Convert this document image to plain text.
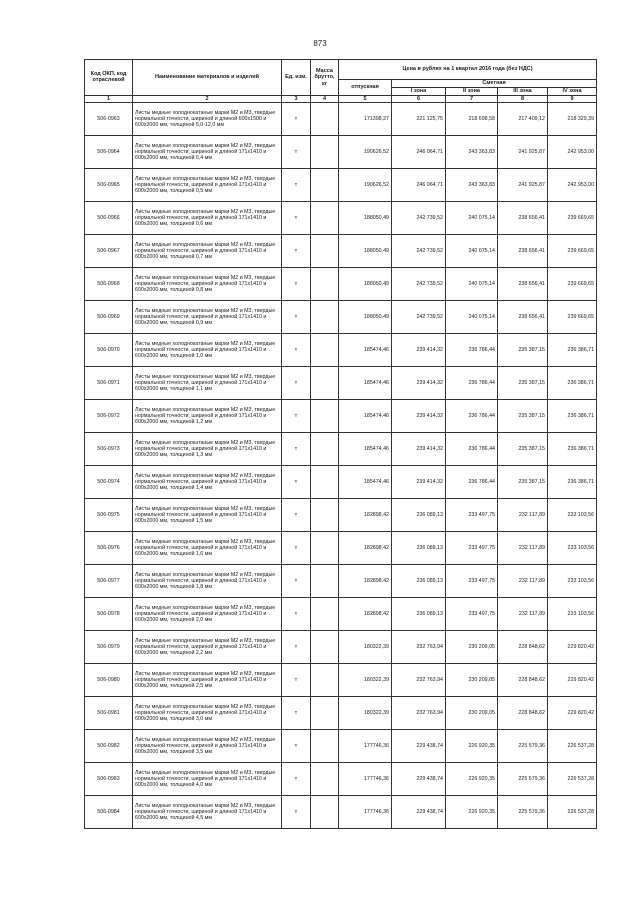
873
Код ОКП, код отраслевой	Наименование материалов и изделий	Ед. изм.	Масса брутто, кг	Цена в рублях на 1 квартал 2016 года (без НДС)				
				отпускная	Сметная			
					I зона	II зона	III зона	IV зона
1	2	3	4	5	6	7	8	9
506-0963	Листы медные холоднокатаные марки М2 и М3, твердые нормальной точности, шириной и длиной 600x1500 и 600x2000 мм, толщиной 5,0-12,0 мм	т		171398,27	221 125,75	218 698,58	217 409,12	218 329,39
506-0964	Листы медные холоднокатаные марки М2 и М3, твердые нормальной точности, шириной и длиной 171x1410 и 600x2000 мм, толщиной 0,4 мм	т		190626,52	246 064,71	243 363,83	241 925,87	242 953,00
506-0965	Листы медные холоднокатаные марки М2 и М3, твердые нормальной точности, шириной и длиной 171x1410 и 600x2000 мм, толщиной 0,5 мм	т		190626,52	246 064,71	243 363,83	241 925,87	242 953,00
506-0966	Листы медные холоднокатаные марки М2 и М3, твердые нормальной точности, шириной и длиной 171x1410 и 600x2000 мм, толщиной 0,6 мм	т		188050,49	242 739,52	240 075,14	238 656,41	239 669,65
506-0967	Листы медные холоднокатаные марки М2 и М3, твердые нормальной точности, шириной и длиной 171x1410 и 600x2000 мм, толщиной 0,7 мм	т		188050,49	242 739,52	240 075,14	238 656,41	239 669,65
506-0968	Листы медные холоднокатаные марки М2 и М3, твердые нормальной точности, шириной и длиной 171x1410 и 600x2000 мм, толщиной 0,8 мм	т		188050,49	242 739,52	240 075,14	238 656,41	239 669,65
506-0969	Листы медные холоднокатаные марки М2 и М3, твердые нормальной точности, шириной и длиной 171x1410 и 600x2000 мм, толщиной 0,9 мм	т		188050,49	242 739,52	240 075,14	238 656,41	239 669,65
506-0970	Листы медные холоднокатаные марки М2 и М3, твердые нормальной точности, шириной и длиной 171x1410 и 600x2000 мм, толщиной 1,0 мм	т		185474,46	239 414,32	236 786,44	235 387,15	236 386,71
506-0971	Листы медные холоднокатаные марки М2 и М3, твердые нормальной точности, шириной и длиной 171x1410 и 600x2000 мм, толщиной 1,1 мм	т		185474,46	239 414,32	236 786,44	235 387,15	236 386,71
506-0972	Листы медные холоднокатаные марки М2 и М3, твердые нормальной точности, шириной и длиной 171x1410 и 600x2000 мм, толщиной 1,2 мм	т		185474,46	239 414,32	236 786,44	235 387,15	236 386,71
506-0973	Листы медные холоднокатаные марки М2 и М3, твердые нормальной точности, шириной и длиной 171x1410 и 600x2000 мм, толщиной 1,3 мм	т		185474,46	239 414,32	236 786,44	235 387,15	236 386,71
506-0974	Листы медные холоднокатаные марки М2 и М3, твердые нормальной точности, шириной и длиной 171x1410 и 600x2000 мм, толщиной 1,4 мм	т		185474,46	239 414,32	236 786,44	235 387,15	236 386,71
506-0975	Листы медные холоднокатаные марки М2 и М3, твердые нормальной точности, шириной и длиной 171x1410 и 600x2000 мм, толщиной 1,5 мм	т		182898,42	236 089,13	233 497,75	232 117,89	233 103,56
506-0976	Листы медные холоднокатаные марки М2 и М3, твердые нормальной точности, шириной и длиной 171x1410 и 600x2000 мм, толщиной 1,6 мм	т		182898,42	236 089,13	233 497,75	232 117,89	233 103,56
506-0977	Листы медные холоднокатаные марки М2 и М3, твердые нормальной точности, шириной и длиной 171x1410 и 600x2000 мм, толщиной 1,8 мм	т		182898,42	236 089,13	233 497,75	232 117,89	233 103,56
506-0978	Листы медные холоднокатаные марки М2 и М3, твердые нормальной точности, шириной и длиной 171x1410 и 600x2000 мм, толщиной 2,0 мм	т		182898,42	236 089,13	233 497,75	232 117,89	233 103,56
506-0979	Листы медные холоднокатаные марки М2 и М3, твердые нормальной точности, шириной и длиной 171x1410 и 600x2000 мм, толщиной 2,2 мм	т		180322,39	232 763,94	230 209,05	228 848,62	229 820,42
506-0980	Листы медные холоднокатаные марки М2 и М3, твердые нормальной точности, шириной и длиной 171x1410 и 600x2000 мм, толщиной 2,5 мм	т		180322,39	232 763,94	230 209,05	228 848,62	229 820,42
506-0981	Листы медные холоднокатаные марки М2 и М3, твердые нормальной точности, шириной и длиной 171x1410 и 600x2000 мм, толщиной 3,0 мм	т		180322,39	232 763,94	230 209,05	228 848,62	229 820,42
506-0982	Листы медные холоднокатаные марки М2 и М3, твердые нормальной точности, шириной и длиной 171x1410 и 600x2000 мм, толщиной 3,5 мм	т		177746,36	229 438,74	226 920,35	225 579,36	226 537,28
506-0983	Листы медные холоднокатаные марки М2 и М3, твердые нормальной точности, шириной и длиной 171x1410 и 600x2000 мм, толщиной 4,0 мм	т		177746,36	229 438,74	226 920,35	225 579,36	226 537,28
506-0984	Листы медные холоднокатаные марки М2 и М3, твердые нормальной точности, шириной и длиной 171x1410 и 600x2000 мм, толщиной 4,5 мм	т		177746,36	229 438,74	226 920,35	225 579,36	226 537,28
